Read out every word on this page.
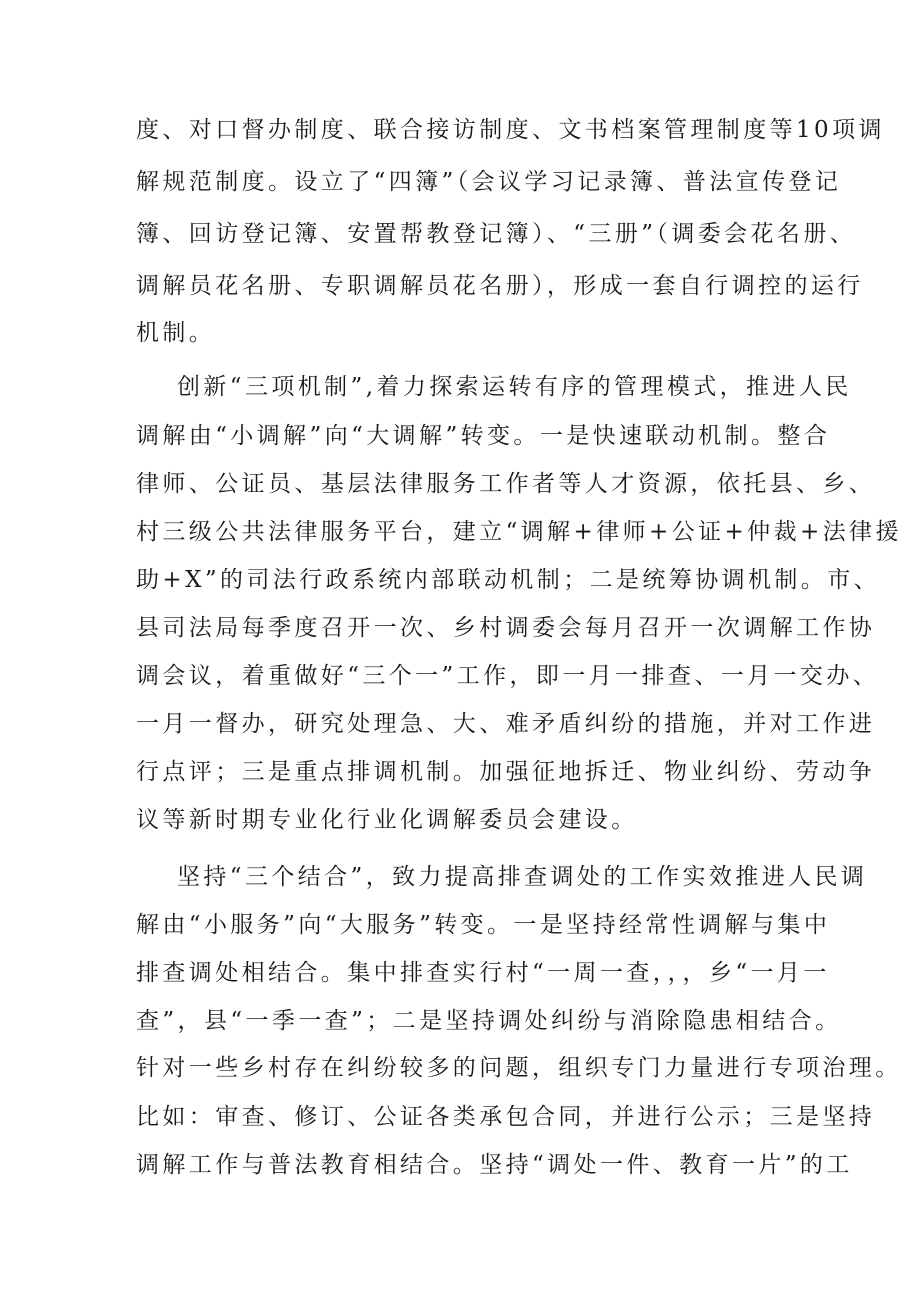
度、对口督办制度、联合接访制度、文书档案管理制度等10项调

解规范制度。设立了“四簿”（会议学习记录簿、普法宣传登记

簿、回访登记簿、安置帮教登记簿）、“三册”（调委会花名册、

调解员花名册、专职调解员花名册），形成一套自行调控的运行

机制。

创新“三项机制”,着力探索运转有序的管理模式，推进人民

调解由“小调解”向“大调解”转变。一是快速联动机制。整合

律师、公证员、基层法律服务工作者等人才资源，依托县、乡、

村三级公共法律服务平台，建立“调解+律师+公证+仲裁+法律援

助+X”的司法行政系统内部联动机制；二是统筹协调机制。市、

县司法局每季度召开一次、乡村调委会每月召开一次调解工作协

调会议，着重做好“三个一”工作，即一月一排查、一月一交办、

一月一督办，研究处理急、大、难矛盾纠纷的措施，并对工作进

行点评；三是重点排调机制。加强征地拆迁、物业纠纷、劳动争

议等新时期专业化行业化调解委员会建设。

坚持“三个结合”，致力提高排查调处的工作实效推进人民调

解由“小服务”向“大服务”转变。一是坚持经常性调解与集中

排查调处相结合。集中排查实行村“一周一查，，，乡“一月一

查”，县“一季一查”；二是坚持调处纠纷与消除隐患相结合。

针对一些乡村存在纠纷较多的问题，组织专门力量进行专项治理。

比如：审查、修订、公证各类承包合同，并进行公示；三是坚持

调解工作与普法教育相结合。坚持“调处一件、教育一片”的工
